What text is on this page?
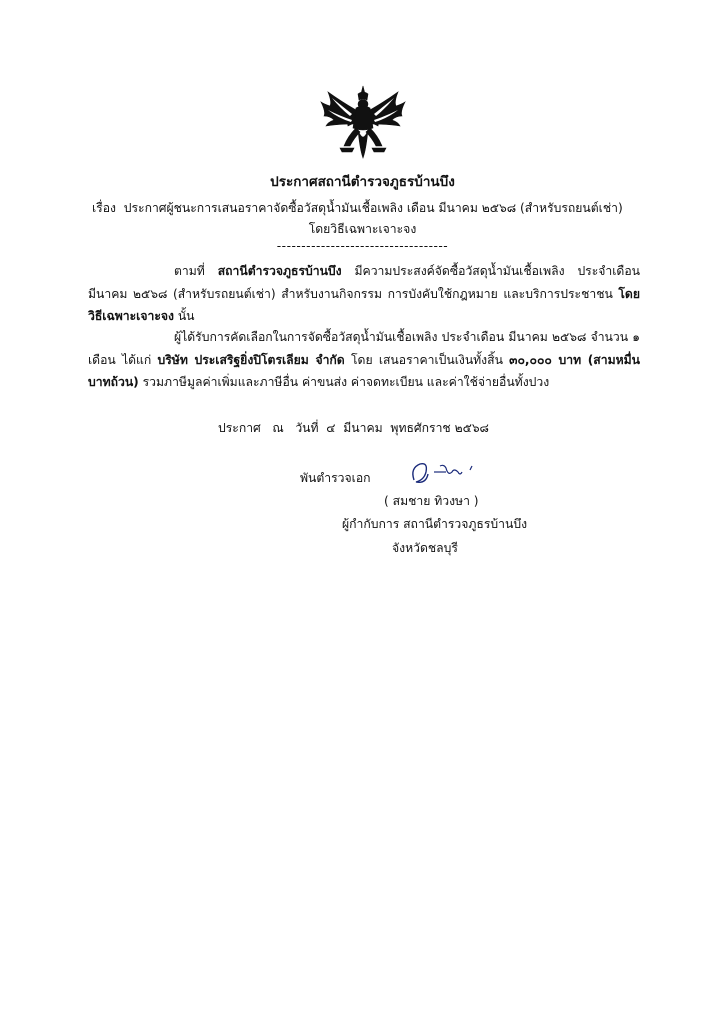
ประกาศสถานีตำรวจภูธรบ้านบึง
เรื่อง ประกาศผู้ชนะการเสนอราคาจัดซื้อวัสดุน้ำมันเชื้อเพลิง เดือน มีนาคม ๒๕๖๘ (สำหรับรถยนต์เช่า)
โดยวิธีเฉพาะเจาะจง
-----------------------------------
ตามที่ สถานีตำรวจภูธรบ้านบึง มีความประสงค์จัดซื้อวัสดุน้ำมันเชื้อเพลิง ประจำเดือน มีนาคม ๒๕๖๘ (สำหรับรถยนต์เช่า) สำหรับงานกิจกรรม การบังคับใช้กฎหมาย และบริการประชาชน โดยวิธีเฉพาะเจาะจง นั้น
ผู้ได้รับการคัดเลือกในการจัดซื้อวัสดุน้ำมันเชื้อเพลิง ประจำเดือน มีนาคม ๒๕๖๘ จำนวน ๑ เดือน ได้แก่ บริษัท ประเสริฐยิ่งปิโตรเลียม จำกัด โดย เสนอราคาเป็นเงินทั้งสิ้น ๓๐,๐๐๐ บาท (สามหมื่นบาทถ้วน) รวมภาษีมูลค่าเพิ่มและภาษีอื่น ค่าขนส่ง ค่าจดทะเบียน และค่าใช้จ่ายอื่นทั้งปวง
ประกาศ   ณ   วันที่  ๔  มีนาคม  พุทธศักราช ๒๕๖๘
พันตำรวจเอก
( สมชาย ทิวงษา )
ผู้กำกับการ สถานีตำรวจภูธรบ้านบึง
จังหวัดชลบุรี
